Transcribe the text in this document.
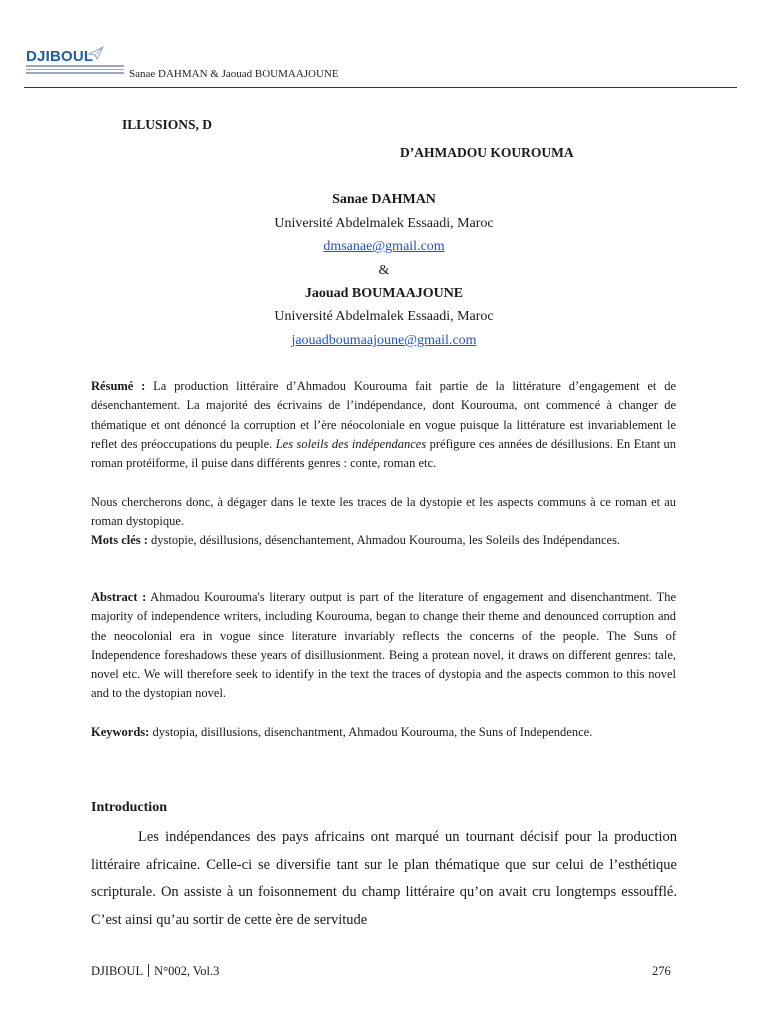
DJIBOUL
Sanae DAHMAN & Jaouad BOUMAAJOUNE
ILLUSIONS, D
D’AHMADOU KOUROUMA
Sanae DAHMAN
Université Abdelmalek Essaadi, Maroc
dmsanae@gmail.com
&
Jaouad BOUMAAJOUNE
Université Abdelmalek Essaadi, Maroc
jaouadboumaajoune@gmail.com
Résumé : La production littéraire d’Ahmadou Kourouma fait partie de la littérature d’engagement et de désenchantement. La majorité des écrivains de l’indépendance, dont Kourouma, ont commencé à changer de thématique et ont dénoncé la corruption et l’ère néocoloniale en vogue puisque la littérature est invariablement le reflet des préoccupations du peuple. Les soleils des indépendances préfigure ces années de désillusions. En Etant un roman protéiforme, il puise dans différents genres : conte, roman etc.
Nous chercherons donc, à dégager dans le texte les traces de la dystopie et les aspects communs à ce roman et au roman dystopique.
Mots clés : dystopie, désillusions, désenchantement, Ahmadou Kourouma, les Soleils des Indépendances.
Abstract : Ahmadou Kourouma's literary output is part of the literature of engagement and disenchantment. The majority of independence writers, including Kourouma, began to change their theme and denounced corruption and the neocolonial era in vogue since literature invariably reflects the concerns of the people. The Suns of Independence foreshadows these years of disillusionment. Being a protean novel, it draws on different genres: tale, novel etc. We will therefore seek to identify in the text the traces of dystopia and the aspects common to this novel and to the dystopian novel.
Keywords: dystopia, disillusions, disenchantment, Ahmadou Kourouma, the Suns of Independence.
Introduction
Les indépendances des pays africains ont marqué un tournant décisif pour la production littéraire africaine. Celle-ci se diversifie tant sur le plan thématique que sur celui de l’esthétique scripturale. On assiste à un foisonnement du champ littéraire qu’on avait cru longtemps essoufflé. C’est ainsi qu’au sortir de cette ère de servitude
DJIBOUL N°002, Vol.3	276
